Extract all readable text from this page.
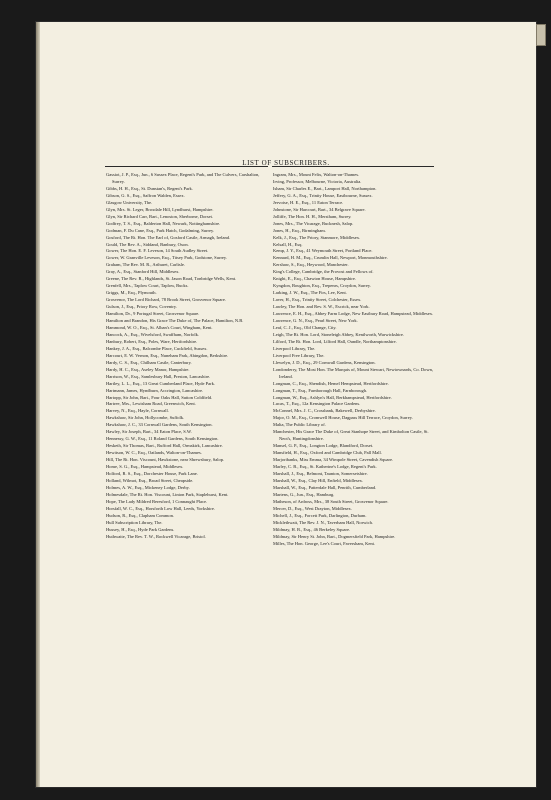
LIST OF SUBSCRIBERS.

Gassiot, J. P., Esq., Jun., 6 Sussex Place, Regent's Park, and The Culvers, Carshalton, Surrey.

Gibbs, H. H., Esq., St. Dunstan's, Regent's Park.

Gibson, G. S., Esq., Saffron Walden, Essex.

Glasgow University, The.

Glyn, Mrs. St. Leger, Broxdale Hill, Lyndhurst, Hampshire.

Glyn, Sir Richard Carr, Bart., Lenoston, Sherborne, Dorset.

Godfrey, T. S., Esq., Balderton Hall, Newark, Nottinghamshire.

Godman, F. Du Cane, Esq., Park Hatch, Godalming, Surrey.

Gosford, The Rt. Hon. The Earl of, Gosford Castle, Armagh, Ireland.

Gould, The Rev. A., Siddand, Banbury, Oxon.

Gower, The Hon. E. F. Leveson, 14 South Audley Street.

Gower, W. Granville Leveson, Esq., Titsey Park, Godstone, Surrey.

Graham, The Rev. M. R., Arthuret, Carlisle.

Gray, A., Esq., Stanford Hill, Middlesex.

Greene, The Rev. R., Highlands, St. Jason Road, Tonbridge Wells, Kent.

Grenfell, Mrs., Taplow Court, Taplow, Bucks.

Griggs, M., Esq., Plymouth.

Grosvenor, The Lord Richard, 78 Brook Street, Grosvenor Square.

Gulson, J., Esq., Priory Row, Coventry.

Hamilton, Dr., 9 Portugal Street, Grosvenor Square.

Hamilton and Brandon, His Grace The Duke of, The Palace, Hamilton, N.B.

Hammond, W. O., Esq., St. Alban's Court, Wingham, Kent.

Hancock, A., Esq., Wivelsford, Swaffham, Norfolk.

Hanbury, Robert, Esq., Poles, Ware, Hertfordshire.

Hankey, J. A., Esq., Balcombe Place, Cuckfield, Sussex.

Harcourt, E. W. Vernon, Esq., Nuneham Park, Abingdon, Berkshire.

Hardy, C. S., Esq., Chilham Castle, Canterbury.

Hardy, H. C., Esq., Aseley Manor, Hampshire.

Harrison, W., Esq., Samlesbury Hall, Preston, Lancashire.

Hartley, L. L., Esq., 13 Great Cumberland Place, Hyde Park.

Hartmann, James, Hyndburn, Accrington, Lancashire.

Hartopp, Sir John, Bart., Four Oaks Hall, Sutton Coldfield.

Hartree, Mrs., Lewisham Road, Greenwich, Kent.

Harvey, N., Esq., Hayle, Cornwall.

Hawkshaw, Sir John, Hollycombe, Suffolk.

Hawkshaw, J. C., 33 Cornwall Gardens, South Kensington.

Hawley, Sir Joseph, Bart., 34 Eaton Place, S.W.

Hennessy, G. W., Esq., 11 Roland Gardens, South Kensington.

Hesketh, Sir Thomas, Bart., Rufford Hall, Ormskirk, Lancashire.

Hewitson, W. C., Esq., Oatlands, Walton-on-Thames.

Hill, The Rt. Hon. Viscount, Hawkstone, near Shrewsbury, Salop.

Home, S. G., Esq., Hampstead, Middlesex.

Holford, R. S., Esq., Dorchester House, Park Lane.

Holland, Wilmot, Esq., Broad Street, Cheapside.

Holmes, A. W., Esq., Mickeney Lodge, Derby.

Holmesdale, The Rt. Hon. Viscount, Linton Park, Staplehurst, Kent.

Hope, The Lady Mildred Beresford, 1 Connaught Place.

Horsfall, W. C., Esq., Horsforth Low Hall, Leeds, Yorkshire.

Hudson, R., Esq., Clapham Common.

Hull Subscription Library, The.

Hussey, H., Esq., Hyde Park Gardens.

Huthwaite, The Rev. T. W., Rockwell Vicarage, Bristol.

Ingram, Mrs., Mount Felix, Walton-on-Thames.

Irving, Professor, Melbourne, Victoria, Australia.

Isham, Sir Charles E., Bart., Lamport Hall, Northampton.

Jeffery, G. A., Esq., Trinity House, Eastbourne, Sussex.

Jervoise, H. E., Esq., 11 Eaton Terrace.

Johnstone, Sir Harcourt, Bart., 34 Belgrave Square.

Jolliffe, The Hon. H. H., Merstham, Surrey.

Jones, Mrs., The Vicarage, Bucknesh, Salop.

Jones, H., Esq., Birmingham.

Kelk, J., Esq., The Priory, Stanmore, Middlesex.

Kelsall, H., Esq.

Kemp, J. Y., Esq., 41 Weymouth Street, Portland Place.

Kennard, H. M., Esq., Crumlin Hall, Newport, Monmouthshire.

Kershaw, S., Esq., Heywood, Manchester.

King's College, Cambridge, the Provost and Fellows of.

Knight, E., Esq., Chawton House, Hampshire.

Kyngdon, Boughton, Esq., Trepenrs, Croydon, Surrey.

Larking, J. W., Esq., The Firs, Lee, Kent.

Laver, H., Esq., Trinity Street, Colchester, Essex.

Lawley, The Hon. and Rev. S. W., Escrick, near York.

Lawrence, E. H., Esq., Abbey Farm Lodge, New Eastbury Road, Hampstead, Middlesex.

Lawrence, G. N., Esq., Pearl Street, New York.

Leaf, C. J., Esq., Old Change, City.

Leigh, The Rt. Hon. Lord, Stoneleigh Abbey, Kenilworth, Warwickshire.

Lilford, The Rt. Hon. Lord, Lilford Hall, Oundle, Northamptonshire.

Liverpool Library, The.

Liverpool Free Library, The.

Llewelyn, J. D., Esq., 29 Cornwall Gardens, Kensington.

Londonderry, The Most Hon. The Marquis of, Mount Stewart, Newtownards, Co. Down, Ireland.

Longman, C., Esq., Shendish, Hemel Hempstead, Hertfordshire.

Longman, T., Esq., Farnborough Hall, Farnborough.

Longman, W., Esq., Ashlyn's Hall, Berkhampstead, Hertfordshire.

Lucas, T., Esq., 12a Kensington Palace Gardens.

McConnel, Mrs. J. C., Crossbank, Bakewell, Derbyshire.

Major, O. M., Esq., Cromwell House, Dagpass Hill Terrace, Croydon, Surrey.

Malta, The Public Library of.

Manchester, His Grace The Duke of, Great Stanhope Street, and Kimbolton Castle, St. Neot's, Huntingdonshire.

Mansel, G. P., Esq., Longton Lodge, Blandford, Dorset.

Mansfield, H., Esq., Oxford and Cambridge Club, Pall Mall.

Marjoribanks, Miss Emma, 34 Wimpole Street, Cavendish Square.

Marley, C. B., Esq., St. Katherine's Lodge, Regent's Park.

Marshall, J., Esq., Belmont, Taunton, Somersetshire.

Marshall, W., Esq., Clay Hill, Enfield, Middlesex.

Marshall, W., Esq., Patterdale Hall, Penrith, Cumberland.

Martens, G., Jun., Esq., Hamburg.

Matheson, of Ardross, Mrs., 38 South Street, Grosvenor Square.

Mercer, D., Esq., West Drayton, Middlesex.

Michell, J., Esq., Forcett Park, Darlington, Durham.

Micklethwait, The Rev. J. N., Taverham Hall, Norwich.

Mildmay, H. B., Esq., 46 Berkeley Square.

Mildmay, Sir Henry St. John, Bart., Dogmersfield Park, Hampshire.

Milles, The Hon. George, Lee's Court, Faversham, Kent.
